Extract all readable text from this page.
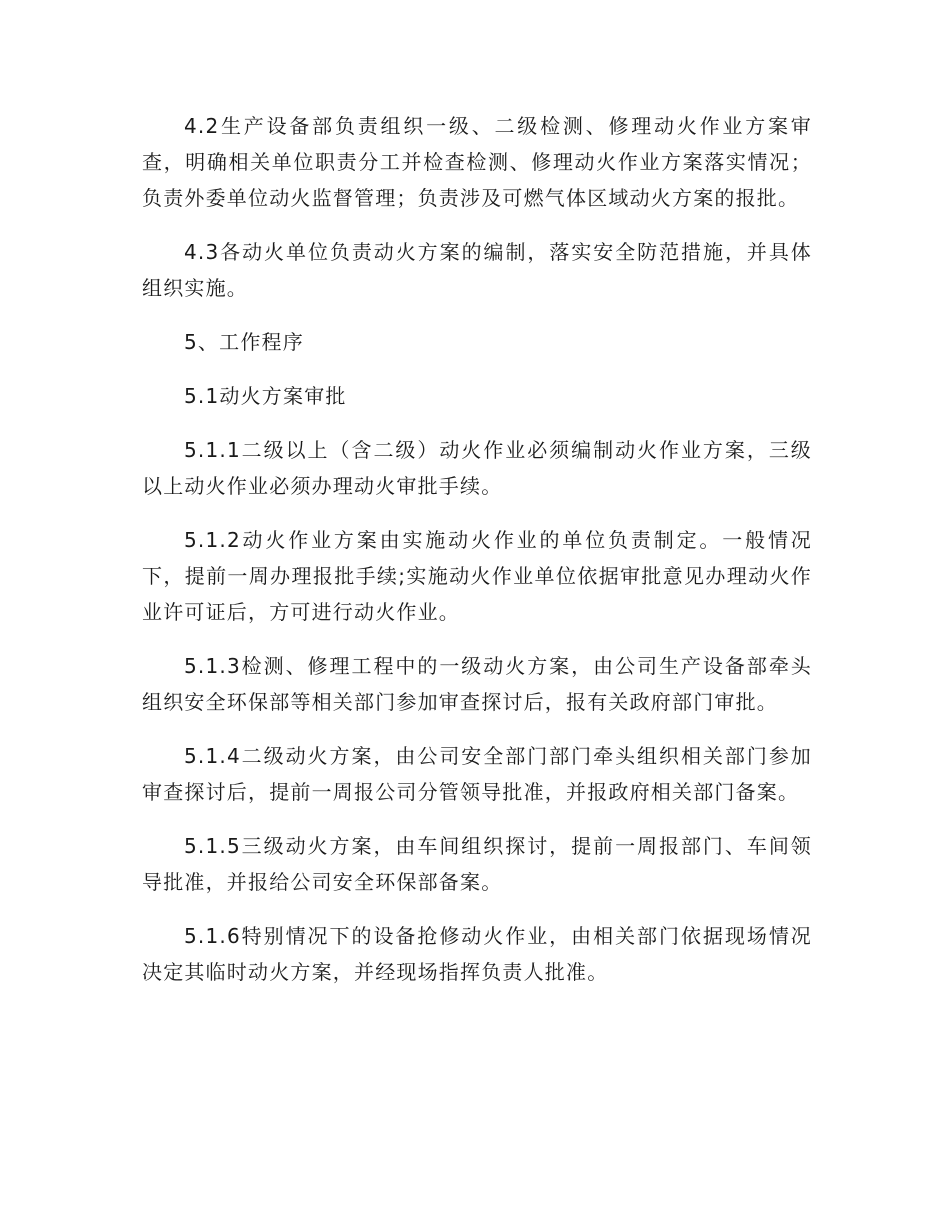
4.2生产设备部负责组织一级、二级检测、修理动火作业方案审查，明确相关单位职责分工并检查检测、修理动火作业方案落实情况；负责外委单位动火监督管理；负责涉及可燃气体区域动火方案的报批。

4.3各动火单位负责动火方案的编制，落实安全防范措施，并具体组织实施。

5、工作程序

5.1动火方案审批

5.1.1二级以上（含二级）动火作业必须编制动火作业方案，三级以上动火作业必须办理动火审批手续。

5.1.2动火作业方案由实施动火作业的单位负责制定。一般情况下，提前一周办理报批手续;实施动火作业单位依据审批意见办理动火作业许可证后，方可进行动火作业。

5.1.3检测、修理工程中的一级动火方案，由公司生产设备部牵头组织安全环保部等相关部门参加审查探讨后，报有关政府部门审批。

5.1.4二级动火方案，由公司安全部门部门牵头组织相关部门参加审查探讨后，提前一周报公司分管领导批准，并报政府相关部门备案。

5.1.5三级动火方案，由车间组织探讨，提前一周报部门、车间领导批准，并报给公司安全环保部备案。

5.1.6特别情况下的设备抢修动火作业，由相关部门依据现场情况决定其临时动火方案，并经现场指挥负责人批准。
